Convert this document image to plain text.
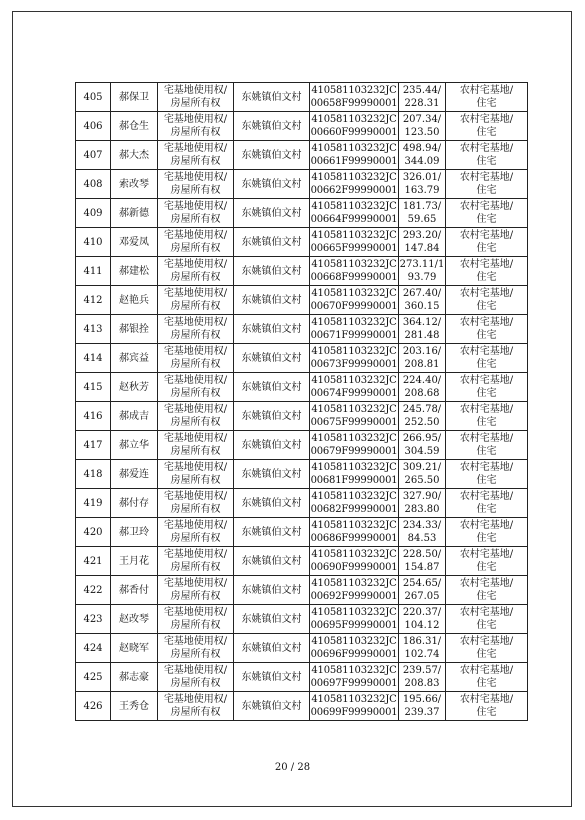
405	郝保卫	宅基地使用权/
房屋所有权	东姚镇伯文村	410581103232JC
00658F99990001	235.44/
228.31	农村宅基地/
住宅

406	郝仓生	宅基地使用权/
房屋所有权	东姚镇伯文村	410581103232JC
00660F99990001	207.34/
123.50	农村宅基地/
住宅

407	郝大杰	宅基地使用权/
房屋所有权	东姚镇伯文村	410581103232JC
00661F99990001	498.94/
344.09	农村宅基地/
住宅

408	索改琴	宅基地使用权/
房屋所有权	东姚镇伯文村	410581103232JC
00662F99990001	326.01/
163.79	农村宅基地/
住宅

409	郝新德	宅基地使用权/
房屋所有权	东姚镇伯文村	410581103232JC
00664F99990001	181.73/
59.65	农村宅基地/
住宅

410	邓爱凤	宅基地使用权/
房屋所有权	东姚镇伯文村	410581103232JC
00665F99990001	293.20/
147.84	农村宅基地/
住宅

411	郝建松	宅基地使用权/
房屋所有权	东姚镇伯文村	410581103232JC
00668F99990001	273.11/1
93.79	农村宅基地/
住宅

412	赵艳兵	宅基地使用权/
房屋所有权	东姚镇伯文村	410581103232JC
00670F99990001	267.40/
360.15	农村宅基地/
住宅

413	郝银拴	宅基地使用权/
房屋所有权	东姚镇伯文村	410581103232JC
00671F99990001	364.12/
281.48	农村宅基地/
住宅

414	郝宾益	宅基地使用权/
房屋所有权	东姚镇伯文村	410581103232JC
00673F99990001	203.16/
208.81	农村宅基地/
住宅

415	赵秋芳	宅基地使用权/
房屋所有权	东姚镇伯文村	410581103232JC
00674F99990001	224.40/
208.68	农村宅基地/
住宅

416	郝成吉	宅基地使用权/
房屋所有权	东姚镇伯文村	410581103232JC
00675F99990001	245.78/
252.50	农村宅基地/
住宅

417	郝立华	宅基地使用权/
房屋所有权	东姚镇伯文村	410581103232JC
00679F99990001	266.95/
304.59	农村宅基地/
住宅

418	郝爱连	宅基地使用权/
房屋所有权	东姚镇伯文村	410581103232JC
00681F99990001	309.21/
265.50	农村宅基地/
住宅

419	郝付存	宅基地使用权/
房屋所有权	东姚镇伯文村	410581103232JC
00682F99990001	327.90/
283.80	农村宅基地/
住宅

420	郝卫玲	宅基地使用权/
房屋所有权	东姚镇伯文村	410581103232JC
00686F99990001	234.33/
84.53	农村宅基地/
住宅

421	王月花	宅基地使用权/
房屋所有权	东姚镇伯文村	410581103232JC
00690F99990001	228.50/
154.87	农村宅基地/
住宅

422	郝香付	宅基地使用权/
房屋所有权	东姚镇伯文村	410581103232JC
00692F99990001	254.65/
267.05	农村宅基地/
住宅

423	赵改琴	宅基地使用权/
房屋所有权	东姚镇伯文村	410581103232JC
00695F99990001	220.37/
104.12	农村宅基地/
住宅

424	赵晓军	宅基地使用权/
房屋所有权	东姚镇伯文村	410581103232JC
00696F99990001	186.31/
102.74	农村宅基地/
住宅

425	郝志豪	宅基地使用权/
房屋所有权	东姚镇伯文村	410581103232JC
00697F99990001	239.57/
208.83	农村宅基地/
住宅

426	王秀仓	宅基地使用权/
房屋所有权	东姚镇伯文村	410581103232JC
00699F99990001	195.66/
239.37	农村宅基地/
住宅
20 / 28
